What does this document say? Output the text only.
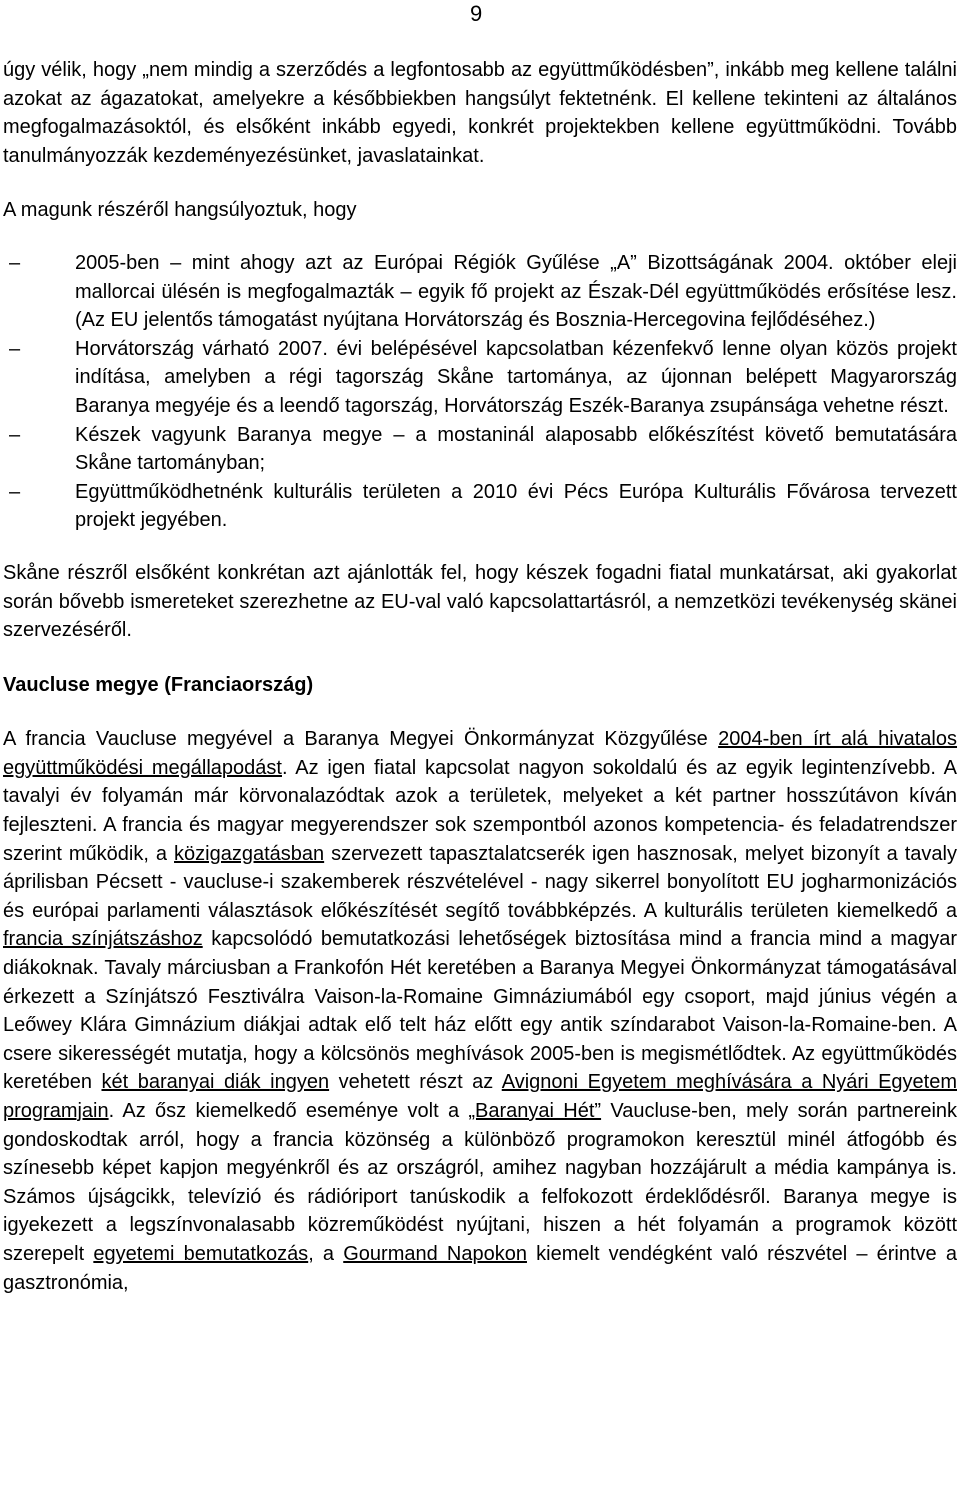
9

úgy vélik, hogy „nem mindig a szerződés a legfontosabb az együttműködésben”, inkább meg kellene találni azokat az ágazatokat, amelyekre a későbbiekben hangsúlyt fektetnénk. El kellene tekinteni az általános megfogalmazásoktól, és elsőként inkább egyedi, konkrét projektekben kellene együttműködni. Tovább tanulmányozzák kezdeményezésünket, javaslatainkat.

A magunk részéről hangsúlyoztuk, hogy

–	2005-ben – mint ahogy azt az Európai Régiók Gyűlése „A” Bizottságának 2004. október eleji mallorcai ülésén is megfogalmazták – egyik fő projekt az Észak-Dél együttműködés erősítése lesz. (Az EU jelentős támogatást nyújtana Horvátország és Bosznia-Hercegovina fejlődéséhez.)
–	Horvátország várható 2007. évi belépésével kapcsolatban kézenfekvő lenne olyan közös projekt indítása, amelyben a régi tagország Skåne tartománya, az újonnan belépett Magyarország Baranya megyéje és a leendő tagország, Horvátország Eszék-Baranya zsupánsága vehetne részt.
–	Készek vagyunk Baranya megye – a mostaninál alaposabb előkészítést követő bemutatására Skåne tartományban;
–	Együttműködhetnénk kulturális területen a 2010 évi Pécs Európa Kulturális Fővárosa tervezett projekt jegyében.

Skåne részről elsőként konkrétan azt ajánlották fel, hogy készek fogadni fiatal munkatársat, aki gyakorlat során bővebb ismereteket szerezhetne az EU-val való kapcsolattartásról, a nemzetközi tevékenység skänei szervezéséről.

Vaucluse megye (Franciaország)

A francia Vaucluse megyével a Baranya Megyei Önkormányzat Közgyűlése 2004-ben írt alá hivatalos együttműködési megállapodást. Az igen fiatal kapcsolat nagyon sokoldalú és az egyik legintenzívebb. A tavalyi év folyamán már körvonalazódtak azok a területek, melyeket a két partner hosszútávon kíván fejleszteni. A francia és magyar megyerendszer sok szempontból azonos kompetencia- és feladatrendszer szerint működik, a közigazgatásban szervezett tapasztalatcserék igen hasznosak, melyet bizonyít a tavaly áprilisban Pécsett - vaucluse-i szakemberek részvételével - nagy sikerrel bonyolított EU jogharmonizációs és európai parlamenti választások előkészítését segítő továbbképzés. A kulturális területen kiemelkedő a francia színjátszáshoz kapcsolódó bemutatkozási lehetőségek biztosítása mind a francia mind a magyar diákoknak. Tavaly márciusban a Frankofón Hét keretében a Baranya Megyei Önkormányzat támogatásával érkezett a Színjátszó Fesztiválra Vaison-la-Romaine Gimnáziumából egy csoport, majd június végén a Leőwey Klára Gimnázium diákjai adtak elő telt ház előtt egy antik színdarabot Vaison-la-Romaine-ben. A csere sikerességét mutatja, hogy a kölcsönös meghívások 2005-ben is megismétlődtek. Az együttműködés keretében két baranyai diák ingyen vehetett részt az Avignoni Egyetem meghívására a Nyári Egyetem programjain. Az ősz kiemelkedő eseménye volt a „Baranyai Hét” Vaucluse-ben, mely során partnereink gondoskodtak arról, hogy a francia közönség a különböző programokon keresztül minél átfogóbb és színesebb képet kapjon megyénkről és az országról, amihez nagyban hozzájárult a média kampánya is. Számos újságcikk, televízió és rádióriport tanúskodik a felfokozott érdeklődésről. Baranya megye is igyekezett a legszínvonalasabb közreműködést nyújtani, hiszen a hét folyamán a programok között szerepelt egyetemi bemutatkozás, a Gourmand Napokon kiemelt vendégként való részvétel – érintve a gasztronómia,
